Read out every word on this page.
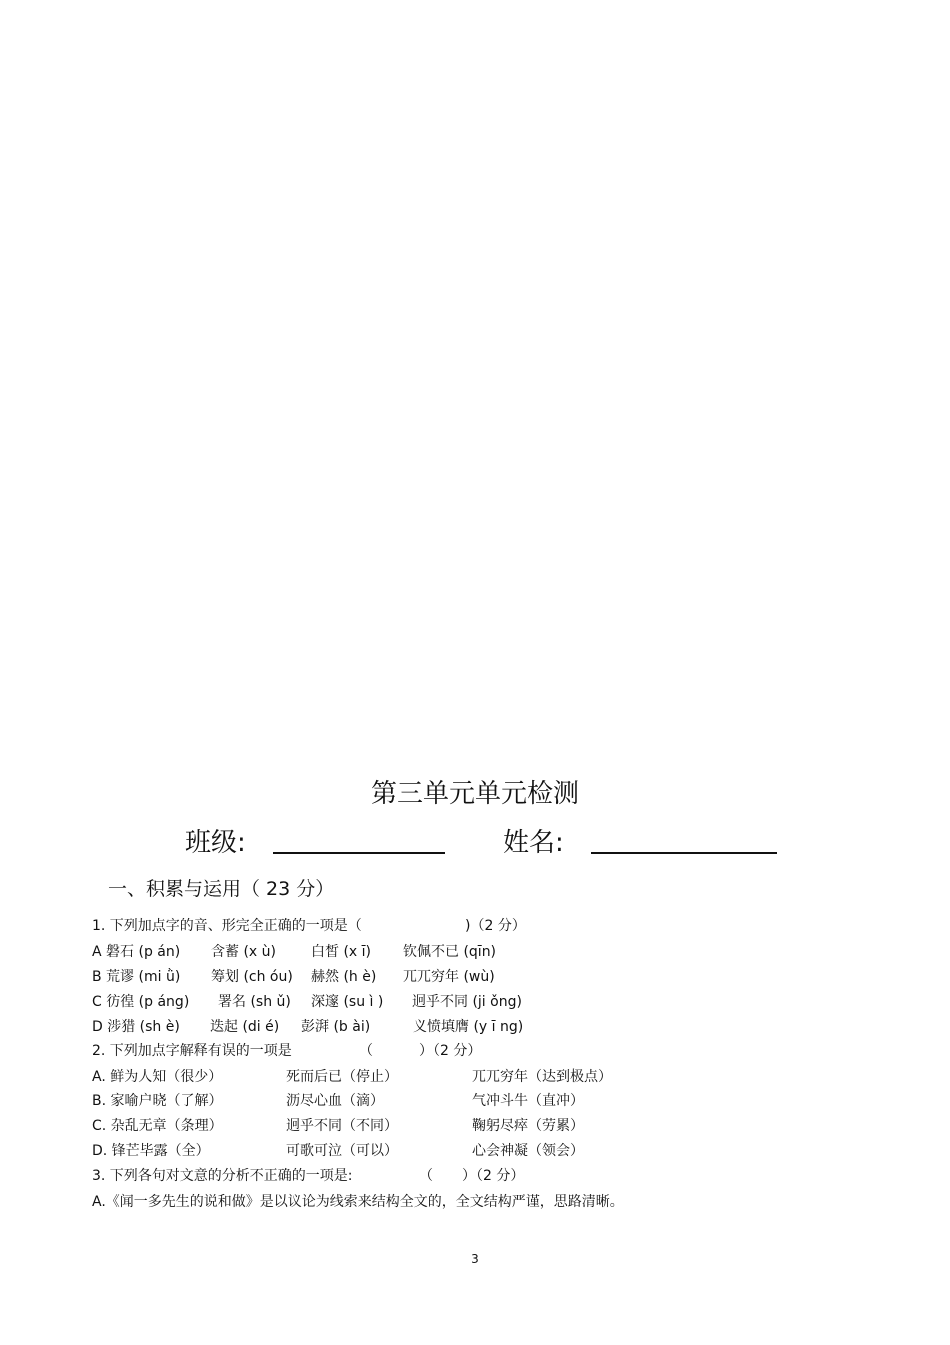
第三单元单元检测
班级:	姓名:
一、积累与运用（ 23 分）
1. 下列加点字的音、形完全正确的一项是（	)（2 分）
A 磐石 (p án) 含蓄 (x ù)	白皙 (x ī) 钦佩不已 (qīn)
B 荒谬 (mi ǜ) 筹划 (ch óu) 赫然 (h è) 兀兀穷年 (wù)
C 彷徨 (p áng) 署名 (sh ǔ) 深邃 (su ì ) 迥乎不同 (ji ǒng)
D 涉猎 (sh è) 迭起 (di é) 彭湃 (b ài)	义愤填膺 (y ī ng)
2. 下列加点字解释有误的一项是	（	）（2 分）
A. 鲜为人知（很少）	死而后已（停止）	兀兀穷年（达到极点）
B. 家喻户晓（了解）	沥尽心血（滴）	气冲斗牛（直冲）
C. 杂乱无章（条理）	迥乎不同（不同）	鞠躬尽瘁（劳累）
D. 锋芒毕露（全）	可歌可泣（可以）	心会神凝（领会）
3. 下列各句对文意的分析不正确的一项是:	（ ）（2 分）
A.《闻一多先生的说和做》是以议论为线索来结构全文的，全文结构严谨，思路清晰。
3
